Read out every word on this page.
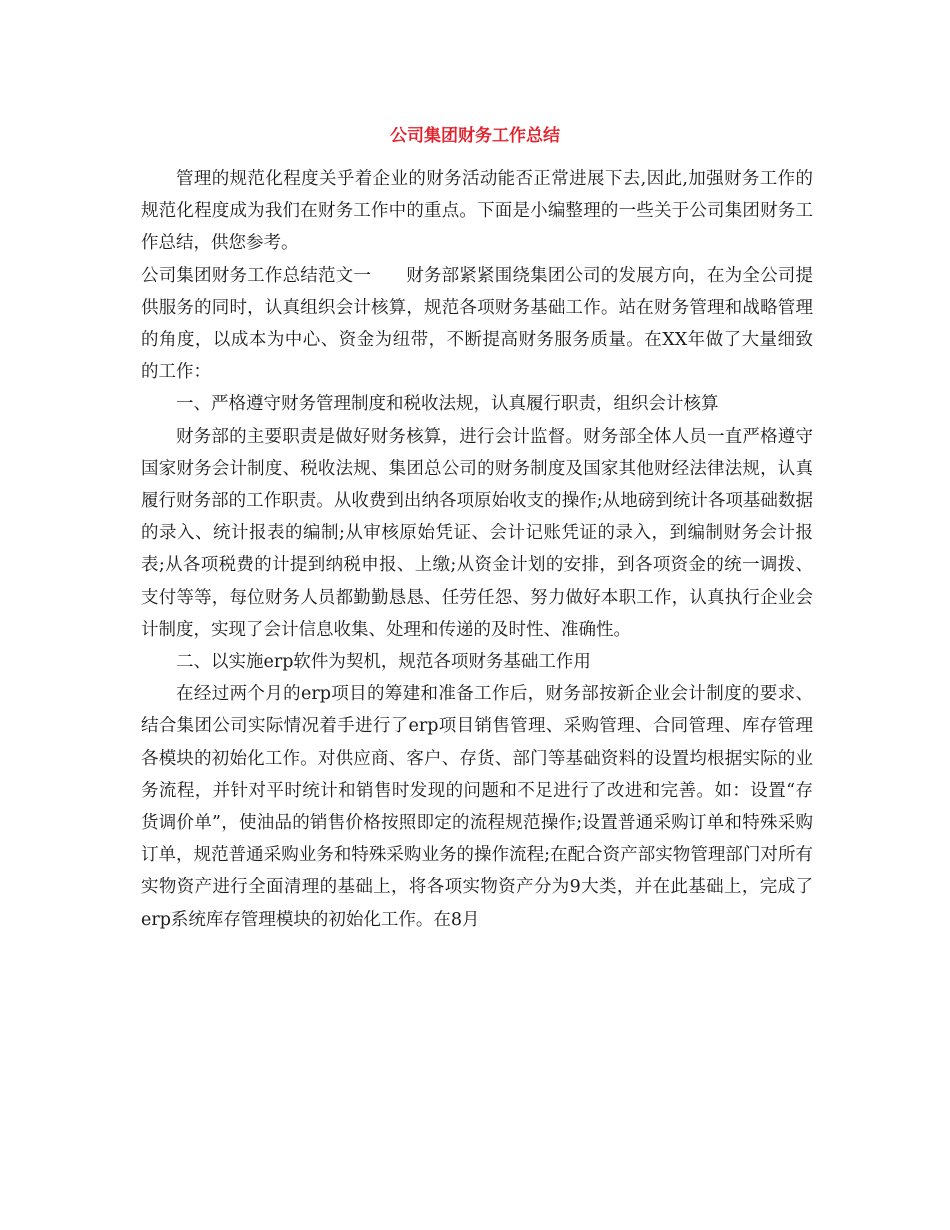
公司集团财务工作总结

管理的规范化程度关乎着企业的财务活动能否正常进展下去,因此,加强财务工作的规范化程度成为我们在财务工作中的重点。下面是小编整理的一些关于公司集团财务工作总结，供您参考。

公司集团财务工作总结范文一 财务部紧紧围绕集团公司的发展方向，在为全公司提供服务的同时，认真组织会计核算，规范各项财务基础工作。站在财务管理和战略管理的角度，以成本为中心、资金为纽带，不断提高财务服务质量。在XX年做了大量细致的工作：

一、严格遵守财务管理制度和税收法规，认真履行职责，组织会计核算

财务部的主要职责是做好财务核算，进行会计监督。财务部全体人员一直严格遵守国家财务会计制度、税收法规、集团总公司的财务制度及国家其他财经法律法规，认真履行财务部的工作职责。从收费到出纳各项原始收支的操作;从地磅到统计各项基础数据的录入、统计报表的编制;从审核原始凭证、会计记账凭证的录入，到编制财务会计报表;从各项税费的计提到纳税申报、上缴;从资金计划的安排，到各项资金的统一调拨、支付等等，每位财务人员都勤勤恳恳、任劳任怨、努力做好本职工作，认真执行企业会计制度，实现了会计信息收集、处理和传递的及时性、准确性。

二、以实施erp软件为契机，规范各项财务基础工作用

在经过两个月的erp项目的筹建和准备工作后，财务部按新企业会计制度的要求、结合集团公司实际情况着手进行了erp项目销售管理、采购管理、合同管理、库存管理各模块的初始化工作。对供应商、客户、存货、部门等基础资料的设置均根据实际的业务流程，并针对平时统计和销售时发现的问题和不足进行了改进和完善。如：设置“存货调价单”，使油品的销售价格按照即定的流程规范操作;设置普通采购订单和特殊采购订单，规范普通采购业务和特殊采购业务的操作流程;在配合资产部实物管理部门对所有实物资产进行全面清理的基础上，将各项实物资产分为9大类，并在此基础上，完成了erp系统库存管理模块的初始化工作。在8月
